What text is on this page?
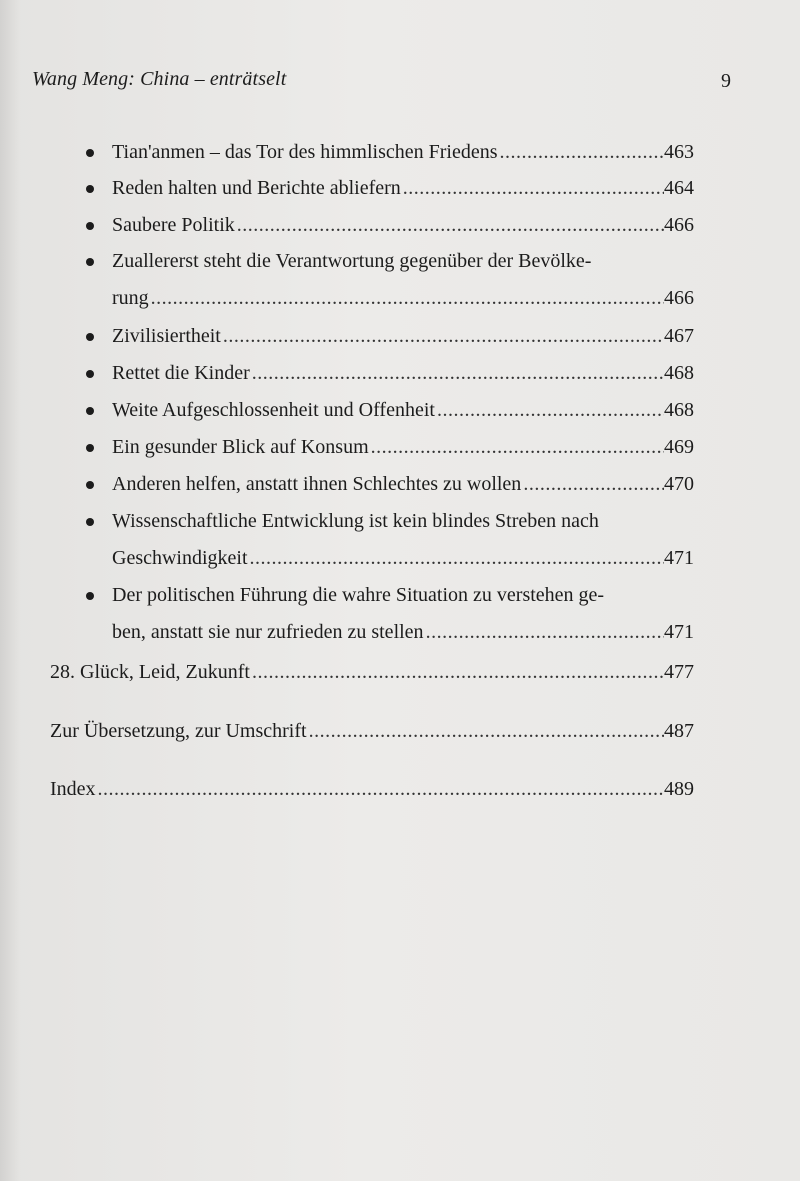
Wang Meng: China – enträtselt	9
Tian'anmen – das Tor des himmlischen Friedens .....	463
Reden halten und Berichte abliefern .....	464
Saubere Politik .....	466
Zuallererst steht die Verantwortung gegenüber der Bevölke-
rung .....	466
Zivilisiertheit .....	467
Rettet die Kinder .....	468
Weite Aufgeschlossenheit und Offenheit .....	468
Ein gesunder Blick auf Konsum .....	469
Anderen helfen, anstatt ihnen Schlechtes zu wollen .....	470
Wissenschaftliche Entwicklung ist kein blindes Streben nach
Geschwindigkeit .....	471
Der politischen Führung die wahre Situation zu verstehen ge-
ben, anstatt sie nur zufrieden zu stellen .....	471
28. Glück, Leid, Zukunft .....	477
Zur Übersetzung, zur Umschrift .....	487
Index .....	489
